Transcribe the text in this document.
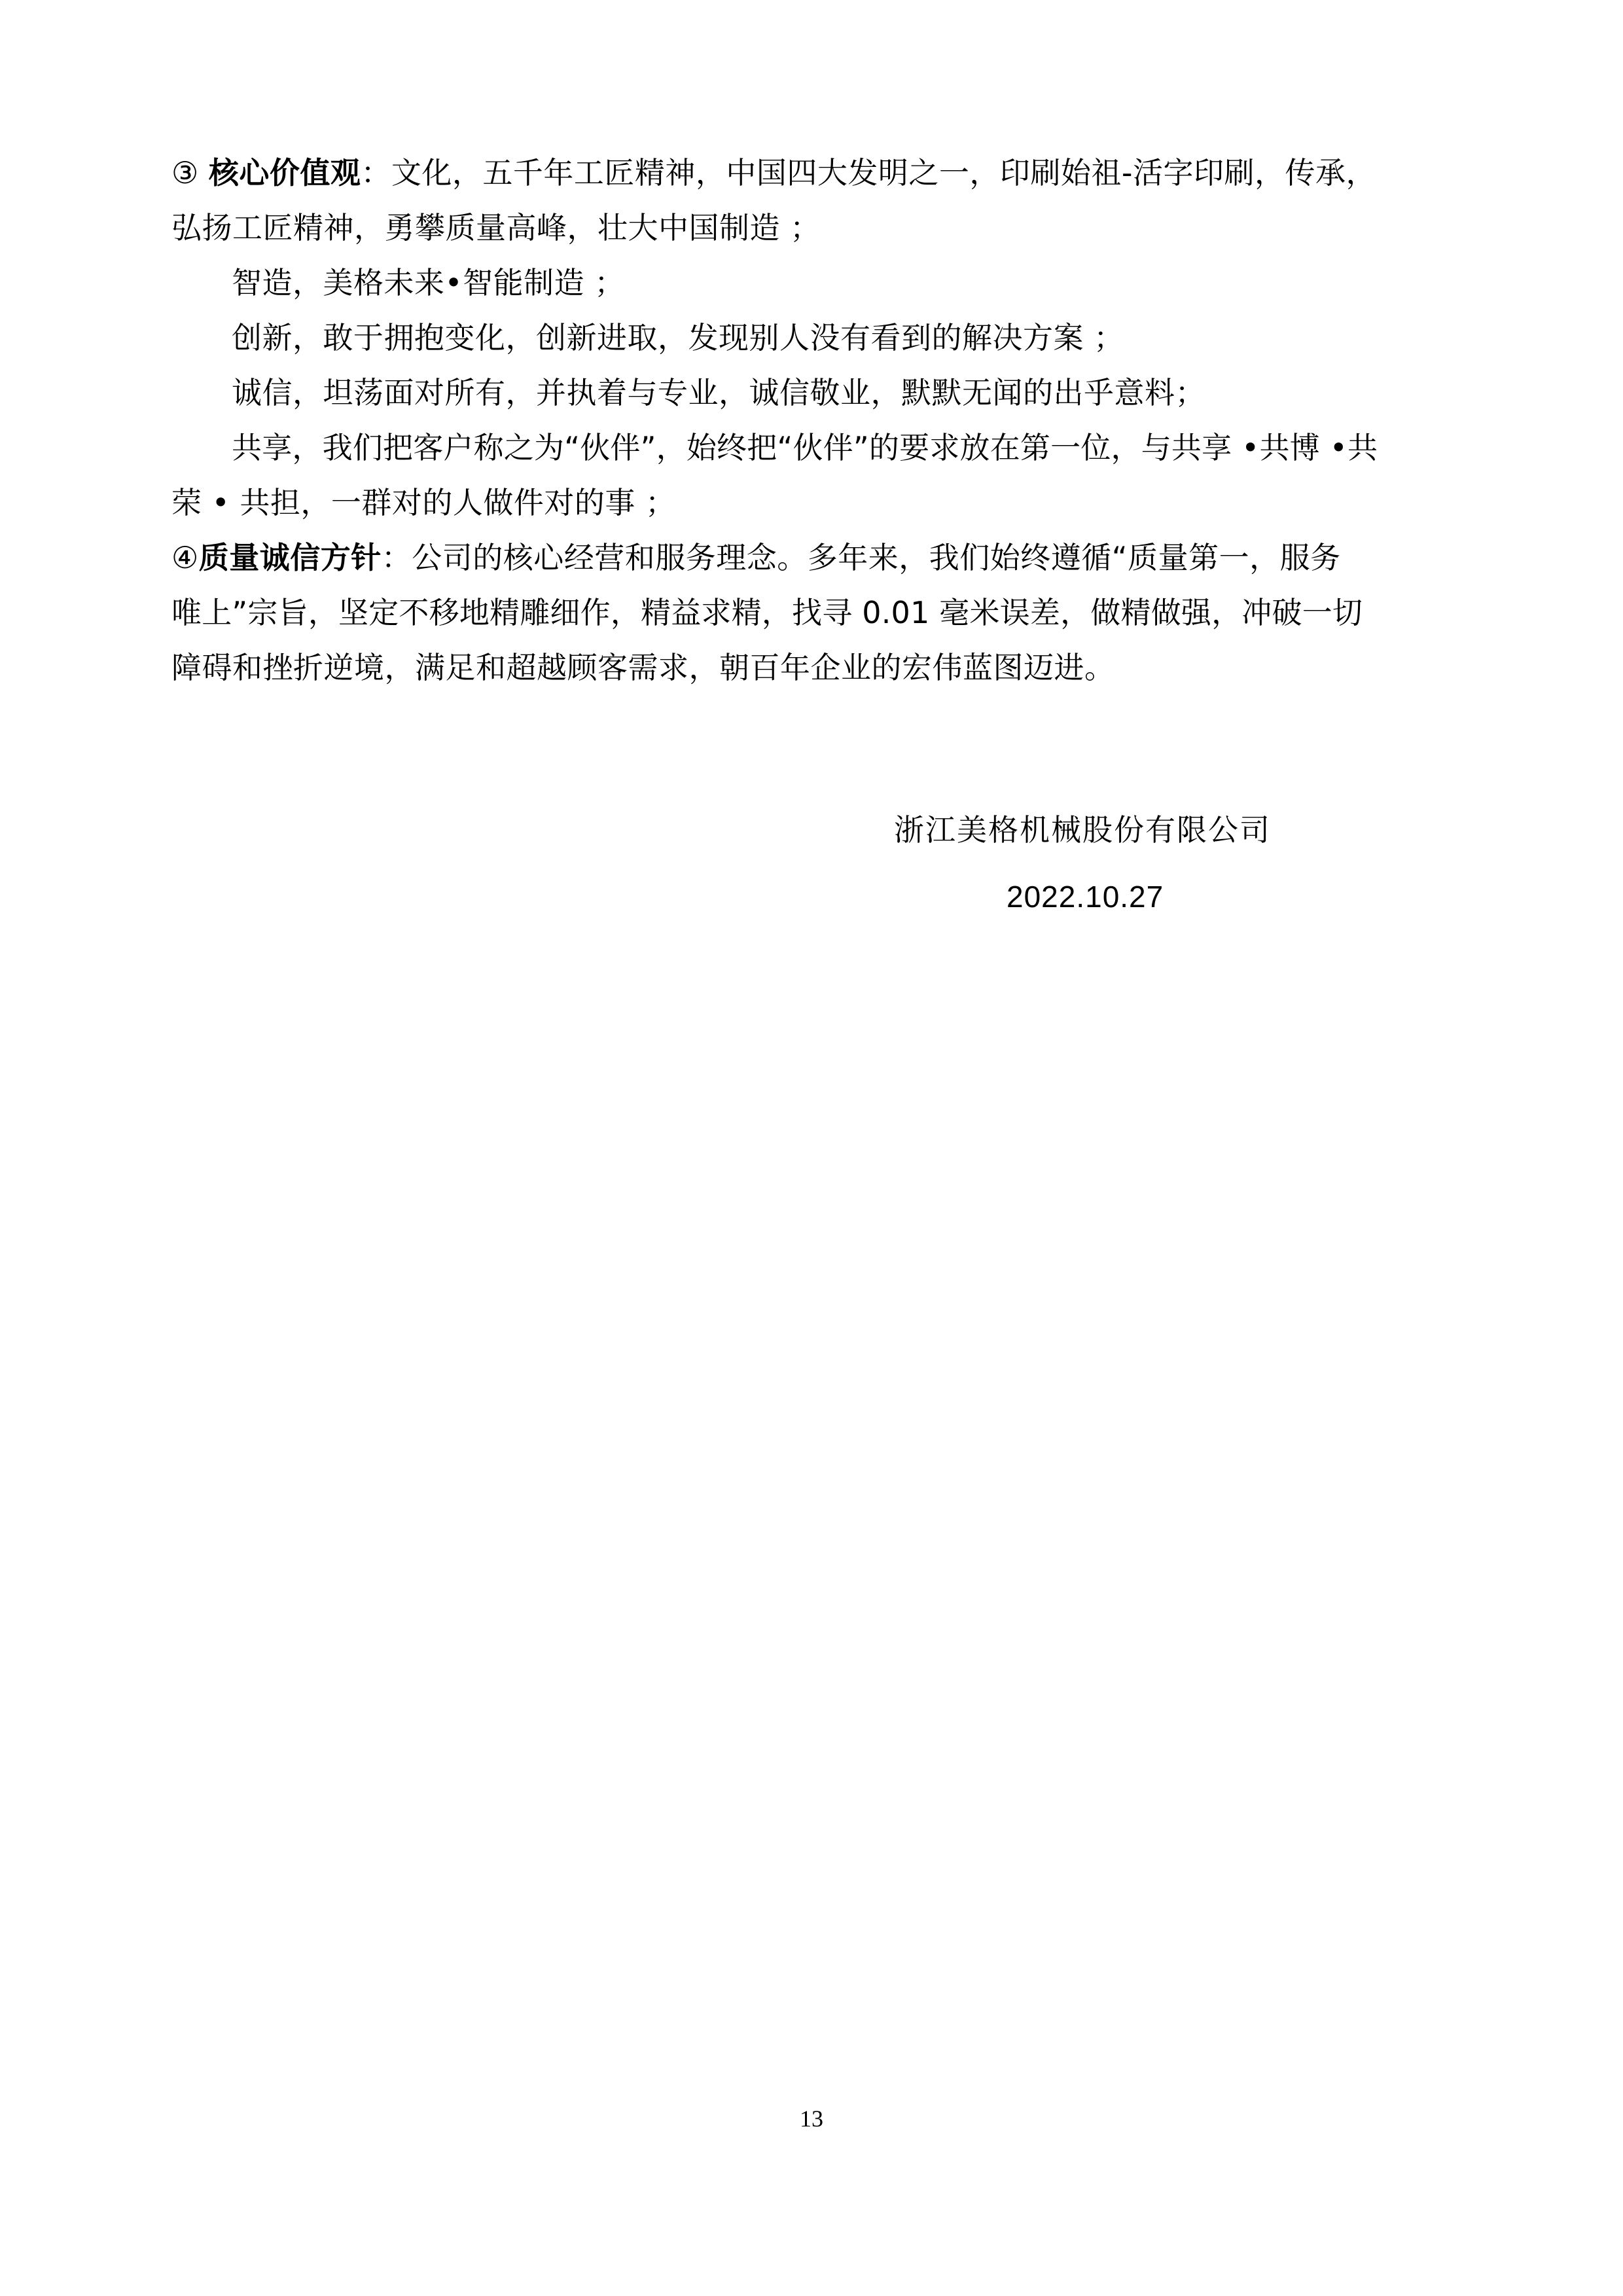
③ 核心价值观：文化，五千年工匠精神，中国四大发明之一，印刷始祖-活字印刷，传承，
弘扬工匠精神，勇攀质量高峰，壮大中国制造 ；
智造，美格未来•智能制造 ；
创新，敢于拥抱变化，创新进取，发现别人没有看到的解决方案 ；
诚信，坦荡面对所有，并执着与专业，诚信敬业，默默无闻的出乎意料；
共享，我们把客户称之为“伙伴”，始终把“伙伴”的要求放在第一位，与共享 •共博 •共
荣 • 共担，一群对的人做件对的事 ；
④质量诚信方针：公司的核心经营和服务理念。多年来，我们始终遵循“质量第一，服务
唯上”宗旨，坚定不移地精雕细作，精益求精，找寻 0.01 毫米误差，做精做强，冲破一切
障碍和挫折逆境，满足和超越顾客需求，朝百年企业的宏伟蓝图迈进。
浙江美格机械股份有限公司
2022.10.27
13
